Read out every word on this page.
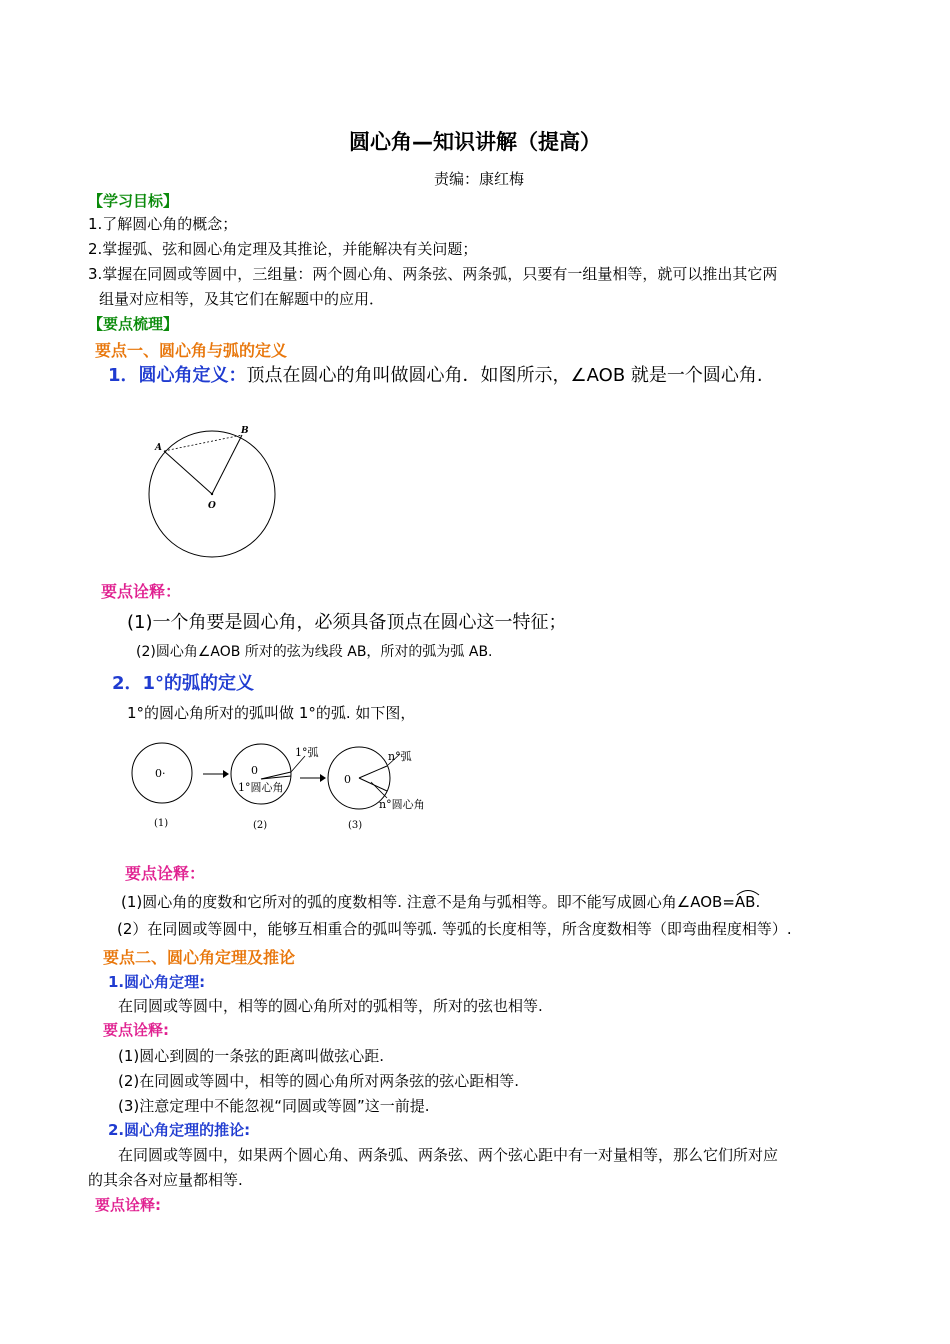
圆心角—知识讲解（提高）
责编：康红梅
【学习目标】
1.了解圆心角的概念；
2.掌握弧、弦和圆心角定理及其推论，并能解决有关问题；
3.掌握在同圆或等圆中，三组量：两个圆心角、两条弦、两条弧，只要有一组量相等，就可以推出其它两
组量对应相等，及其它们在解题中的应用．
【要点梳理】
要点一、圆心角与弧的定义
1．圆心角定义：顶点在圆心的角叫做圆心角．如图所示，∠AOB 就是一个圆心角.
A
B
O
要点诠释：
(1)一个角要是圆心角，必须具备顶点在圆心这一特征；
(2)圆心角∠AOB 所对的弦为线段 AB，所对的弧为弧 AB.
2．1°的弧的定义
1°的圆心角所对的弧叫做 1°的弧. 如下图，
0·	0
1°弧
1°圆心角
0
n°弧
n°圆心角
(1)	(2)	(3)
要点诠释：
(1)圆心角的度数和它所对的弧的度数相等. 注意不是角与弧相等。即不能写成圆心角∠AOB=
AB.
(2）在同圆或等圆中，能够互相重合的弧叫等弧. 等弧的长度相等，所含度数相等（即弯曲程度相等）.
要点二、圆心角定理及推论
1.圆心角定理:
在同圆或等圆中，相等的圆心角所对的弧相等，所对的弦也相等.
要点诠释:
(1)圆心到圆的一条弦的距离叫做弦心距.
(2)在同圆或等圆中，相等的圆心角所对两条弦的弦心距相等.
(3)注意定理中不能忽视“同圆或等圆”这一前提.
2.圆心角定理的推论:
在同圆或等圆中，如果两个圆心角、两条弧、两条弦、两个弦心距中有一对量相等，那么它们所对应
的其余各对应量都相等.
要点诠释:
